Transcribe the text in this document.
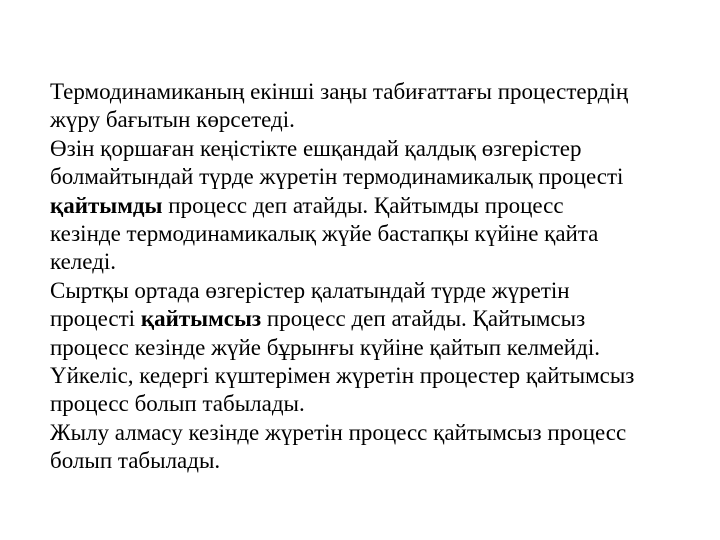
Термодинамиканың екінші заңы табиғаттағы процестердің
жүру бағытын көрсетеді.
Өзін қоршаған кеңістікте ешқандай қалдық өзгерістер
болмайтындай түрде жүретін термодинамикалық процесті
қайтымды процесс деп атайды. Қайтымды процесс
кезінде термодинамикалық жүйе бастапқы күйіне қайта
келеді.
Сыртқы ортада өзгерістер қалатындай түрде жүретін
процесті қайтымсыз процесс деп атайды. Қайтымсыз
процесс кезінде жүйе бұрынғы күйіне қайтып келмейді.
Үйкеліс, кедергі күштерімен жүретін процестер қайтымсыз
процесс болып табылады.
Жылу алмасу кезінде жүретін процесс қайтымсыз процесс
болып табылады.
